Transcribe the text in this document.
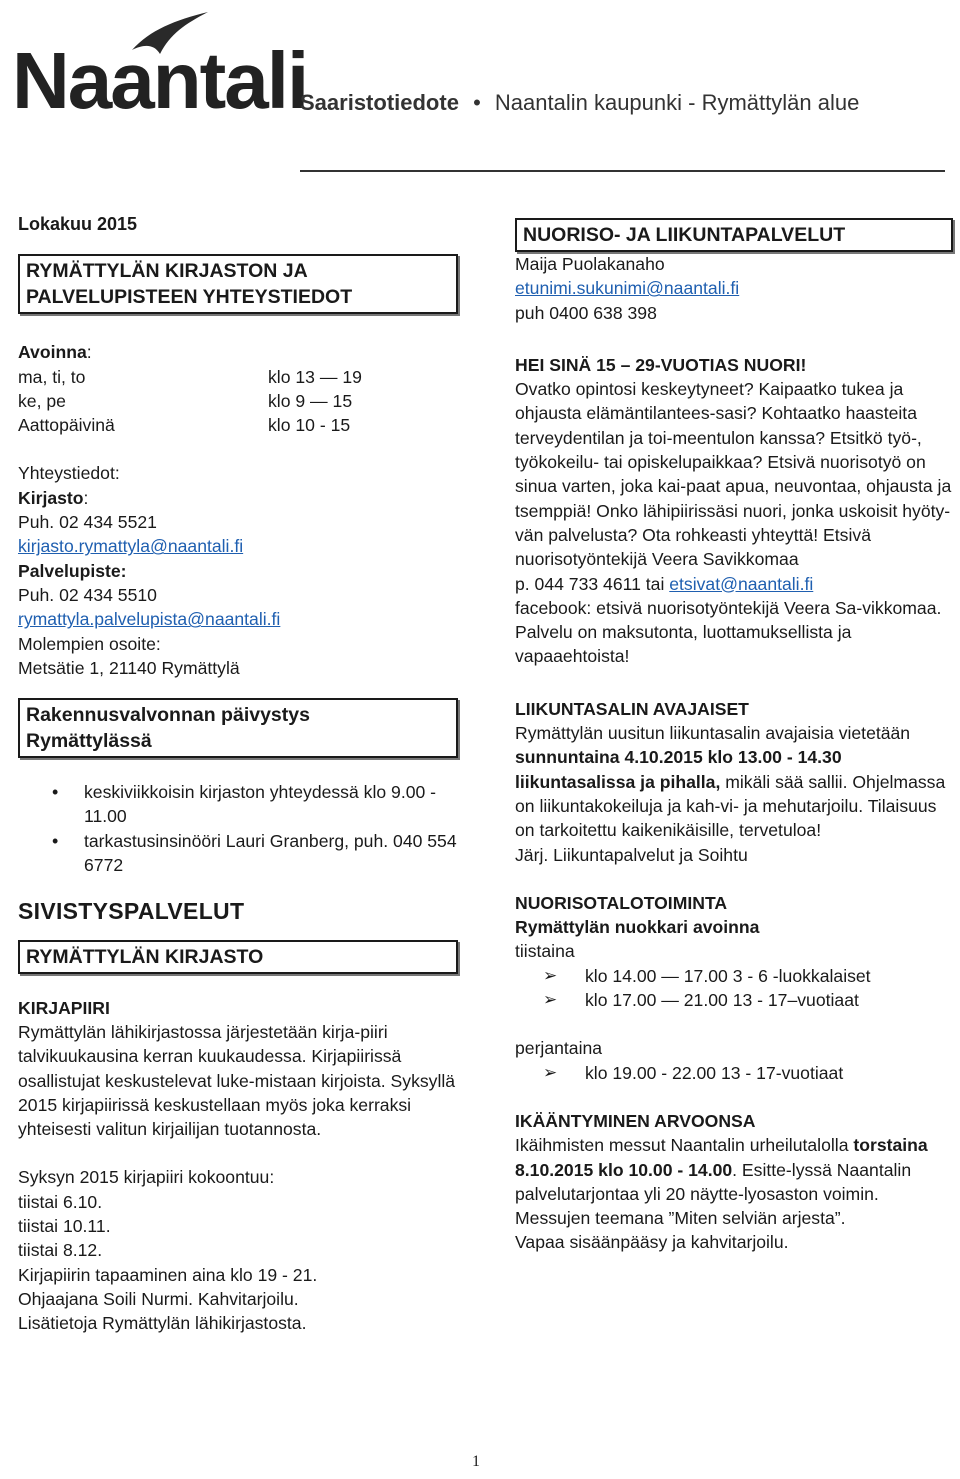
Naantali
Saaristotiedote • Naantalin kaupunki - Rymättylän alue
Lokakuu 2015
RYMÄTTYLÄN KIRJASTON JA
PALVELUPISTEEN YHTEYSTIEDOT
Avoinna:
ma, ti, to	klo 13 — 19
ke, pe	klo 9 — 15
Aattopäivinä	klo 10 - 15
Yhteystiedot:
Kirjasto:
Puh. 02 434 5521
kirjasto.rymattyla@naantali.fi
Palvelupiste:
Puh. 02 434 5510
rymattyla.palvelupista@naantali.fi
Molempien osoite:
Metsätie 1, 21140 Rymättylä
Rakennusvalvonnan päivystys
Rymättylässä
• keskiviikkoisin kirjaston yhteydessä klo 9.00 - 11.00
• tarkastusinsinööri Lauri Granberg, puh. 040 554 6772
SIVISTYSPALVELUT
RYMÄTTYLÄN KIRJASTO
KIRJAPIIRI
Rymättylän lähikirjastossa järjestetään kirja-piiri talvikuukausina kerran kuukaudessa. Kirjapiirissä osallistujat keskustelevat luke-mistaan kirjoista. Syksyllä 2015 kirjapiirissä keskustellaan myös joka kerraksi yhteisesti valitun kirjailijan tuotannosta.
Syksyn 2015 kirjapiiri kokoontuu:
tiistai 6.10.
tiistai 10.11.
tiistai 8.12.
Kirjapiirin tapaaminen aina klo 19 - 21.
Ohjaajana Soili Nurmi. Kahvitarjoilu.
Lisätietoja Rymättylän lähikirjastosta.
NUORISO- JA LIIKUNTAPALVELUT
Maija Puolakanaho
etunimi.sukunimi@naantali.fi
puh 0400 638 398
HEI SINÄ 15 – 29-VUOTIAS NUORI!
Ovatko opintosi keskeytyneet? Kaipaatko tukea ja ohjausta elämäntilantees-sasi? Kohtaatko haasteita terveydentilan ja toi-meentulon kanssa? Etsitkö työ-, työkokeilu- tai opiskelupaikkaa? Etsivä nuorisotyö on sinua varten, joka kai-paat apua, neuvontaa, ohjausta ja tsemppiä! Onko lähipiirissäsi nuori, jonka uskoisit hyöty-vän palvelusta? Ota rohkeasti yhteyttä! Etsivä nuorisotyöntekijä Veera Savikkomaa
p. 044 733 4611 tai etsivat@naantali.fi
facebook: etsivä nuorisotyöntekijä Veera Sa-vikkomaa. Palvelu on maksutonta, luottamuksellista ja vapaaehtoista!
LIIKUNTASALIN AVAJAISET
Rymättylän uusitun liikuntasalin avajaisia vietetään sunnuntaina 4.10.2015 klo 13.00 - 14.30 liikuntasalissa ja pihalla, mikäli sää sallii. Ohjelmassa on liikuntakokeiluja ja kah-vi- ja mehutarjoilu. Tilaisuus on tarkoitettu kaikenikäisille, tervetuloa!
Järj. Liikuntapalvelut ja Soihtu
NUORISOTALOTOIMINTA
Rymättylän nuokkari avoinna
tiistaina
➢ klo 14.00 — 17.00 3 - 6 -luokkalaiset
➢ klo 17.00 — 21.00 13 - 17–vuotiaat
perjantaina
➢ klo 19.00 - 22.00 13 - 17-vuotiaat
IKÄÄNTYMINEN ARVOONSA
Ikäihmisten messut Naantalin urheilutalolla torstaina 8.10.2015 klo 10.00 - 14.00. Esitte-lyssä Naantalin palvelutarjontaa yli 20 näytte-lyosaston voimin. Messujen teemana ”Miten selviän arjesta”.
Vapaa sisäänpääsy ja kahvitarjoilu.
1
